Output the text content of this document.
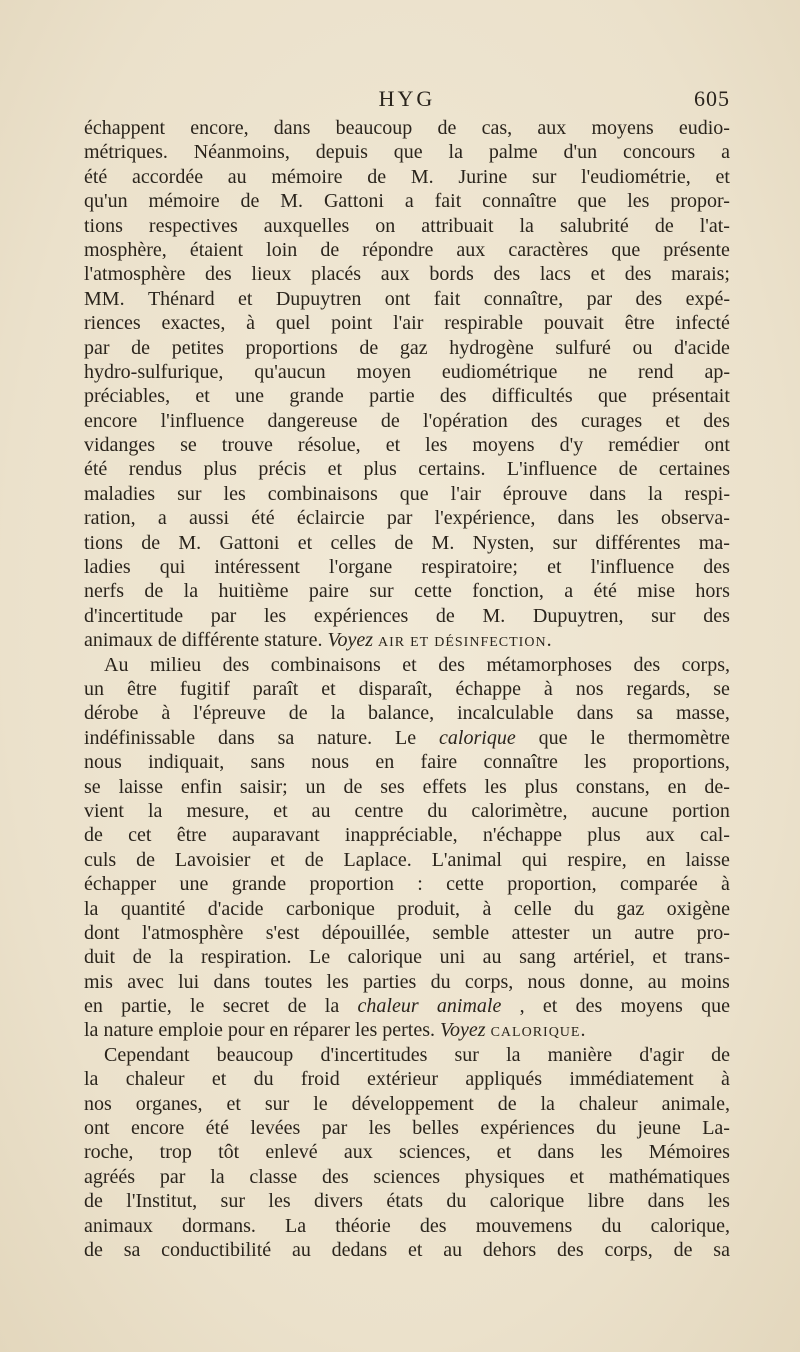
HYG	605
échappent encore, dans beaucoup de cas, aux moyens eudio-
métriques. Néanmoins, depuis que la palme d'un concours a
été accordée au mémoire de M. Jurine sur l'eudiométrie, et
qu'un mémoire de M. Gattoni a fait connaître que les propor-
tions respectives auxquelles on attribuait la salubrité de l'at-
mosphère, étaient loin de répondre aux caractères que présente
l'atmosphère des lieux placés aux bords des lacs et des marais;
MM. Thénard et Dupuytren ont fait connaître, par des expé-
riences exactes, à quel point l'air respirable pouvait être infecté
par de petites proportions de gaz hydrogène sulfuré ou d'acide
hydro-sulfurique, qu'aucun moyen eudiométrique ne rend ap-
préciables, et une grande partie des difficultés que présentait
encore l'influence dangereuse de l'opération des curages et des
vidanges se trouve résolue, et les moyens d'y remédier ont
été rendus plus précis et plus certains. L'influence de certaines
maladies sur les combinaisons que l'air éprouve dans la respi-
ration, a aussi été éclaircie par l'expérience, dans les observa-
tions de M. Gattoni et celles de M. Nysten, sur différentes ma-
ladies qui intéressent l'organe respiratoire; et l'influence des
nerfs de la huitième paire sur cette fonction, a été mise hors
d'incertitude par les expériences de M. Dupuytren, sur des
animaux de différente stature. Voyez air et désinfection.
Au milieu des combinaisons et des métamorphoses des corps,
un être fugitif paraît et disparaît, échappe à nos regards, se
dérobe à l'épreuve de la balance, incalculable dans sa masse,
indéfinissable dans sa nature. Le calorique que le thermomètre
nous indiquait, sans nous en faire connaître les proportions,
se laisse enfin saisir; un de ses effets les plus constans, en de-
vient la mesure, et au centre du calorimètre, aucune portion
de cet être auparavant inappréciable, n'échappe plus aux cal-
culs de Lavoisier et de Laplace. L'animal qui respire, en laisse
échapper une grande proportion : cette proportion, comparée à
la quantité d'acide carbonique produit, à celle du gaz oxigène
dont l'atmosphère s'est dépouillée, semble attester un autre pro-
duit de la respiration. Le calorique uni au sang artériel, et trans-
mis avec lui dans toutes les parties du corps, nous donne, au moins
en partie, le secret de la chaleur animale , et des moyens que
la nature emploie pour en réparer les pertes. Voyez calorique.
Cependant beaucoup d'incertitudes sur la manière d'agir de
la chaleur et du froid extérieur appliqués immédiatement à
nos organes, et sur le développement de la chaleur animale,
ont encore été levées par les belles expériences du jeune La-
roche, trop tôt enlevé aux sciences, et dans les Mémoires
agréés par la classe des sciences physiques et mathématiques
de l'Institut, sur les divers états du calorique libre dans les
animaux dormans. La théorie des mouvemens du calorique,
de sa conductibilité au dedans et au dehors des corps, de sa
